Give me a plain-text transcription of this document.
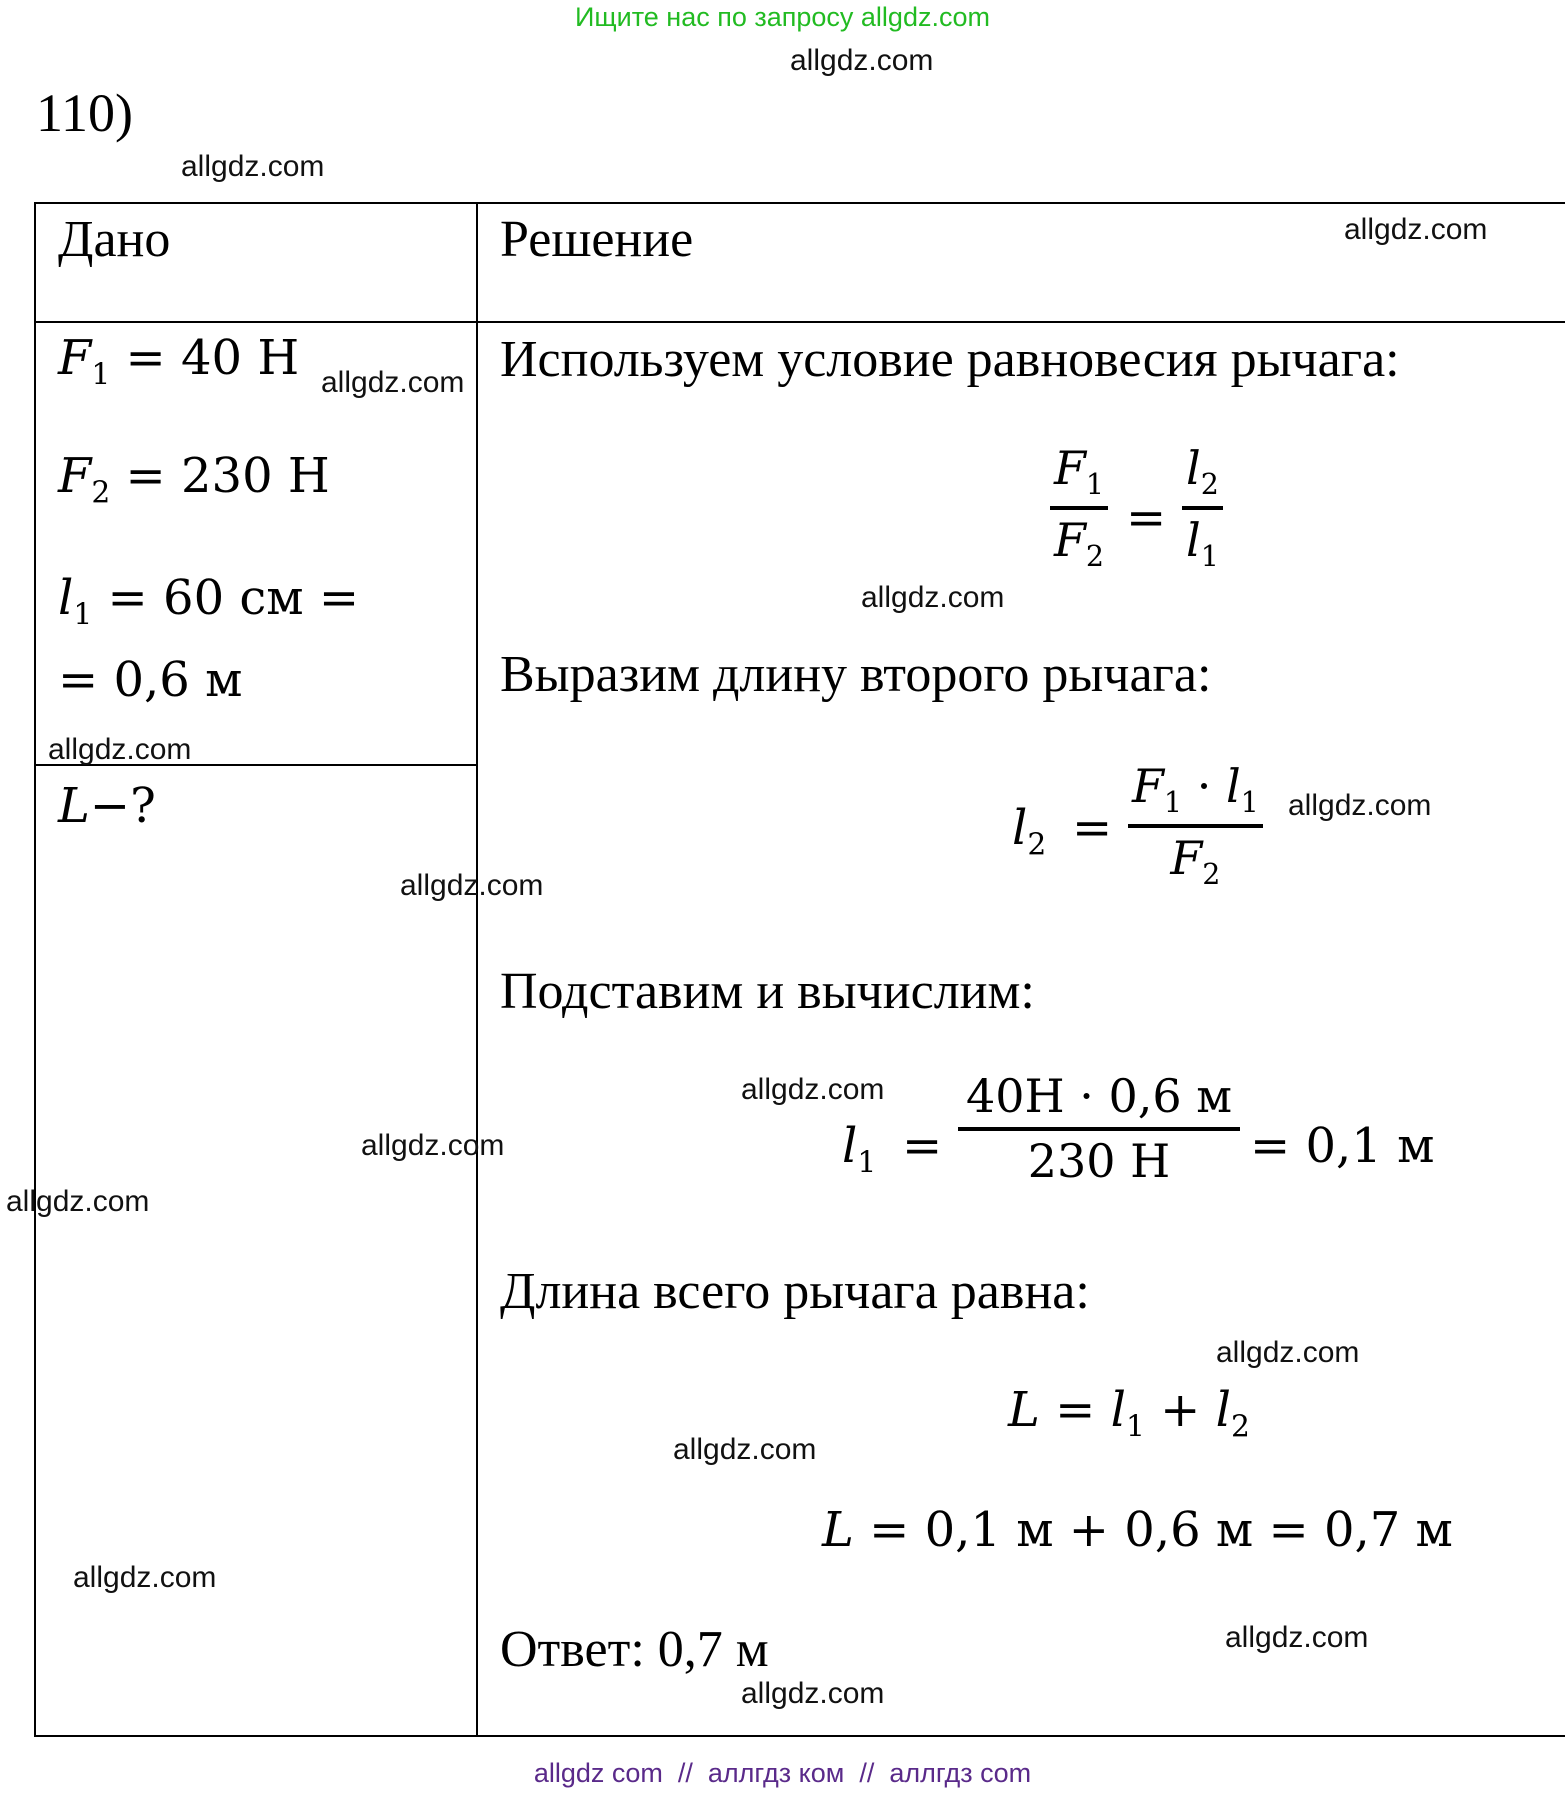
Ищите нас по запросу allgdz.com
allgdz.com
110)
Дано	Решение
$F_1 = 40$ Н
$F_2 = 230$ Н
$l_1 = 60$ см =
= 0,6 м
L−?
Используем условие равновесия рычага:
$F_1$
$F_2$
=
$l_2$
$l_1$
Выразим длину второго рычага:
$l_2$ =
$F_1 \cdot l_1$
$F_2$
Подставим и вычислим:
$l_1$ =
40Н · 0,6 м
230 Н = 0,1 м
Длина всего рычага равна:
$L = l_1 + l_2$
L = 0,1 м + 0,6 м = 0,7 м
Ответ: 0,7 м
allgdz.com
allgdz.com
allgdz.com
allgdz.com
allgdz.com
allgdz.com
allgdz.com
allgdz.com
allgdz.com
allgdz.com
allgdz.com
allgdz.com
allgdz.com
allgdz.com
allgdz.com
allgdz com  //  аллгдз ком  //  аллгдз com
